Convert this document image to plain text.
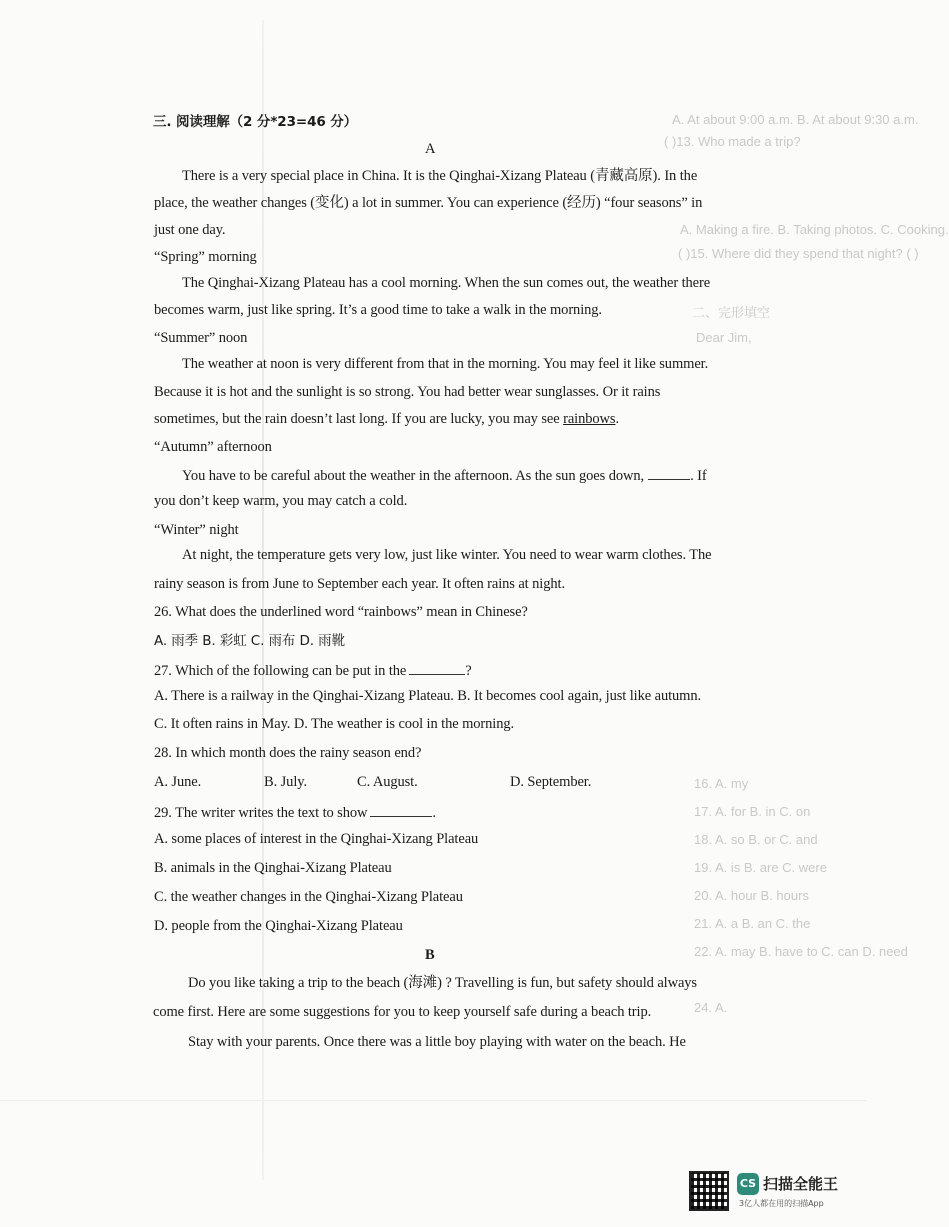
A. At about 9:00 a.m. B. At about 9:30 a.m.
( )13. Who made a trip?
A. Making a fire. B. Taking photos. C. Cooking.
( )15. Where did they spend that night? ( )
二、完形填空
Dear Jim,
16. A. my
17. A. for B. in C. on
18. A. so B. or C. and
19. A. is B. are C. were
20. A. hour B. hours
21. A. a B. an C. the
22. A. may B. have to C. can D. need
24. A.
三. 阅读理解（2 分*23=46 分）
A
There is a very special place in China. It is the Qinghai-Xizang Plateau (青藏高原). In the
place, the weather changes (变化) a lot in summer. You can experience (经历) “four seasons” in
just one day.
“Spring” morning
The Qinghai-Xizang Plateau has a cool morning. When the sun comes out, the weather there
becomes warm, just like spring. It’s a good time to take a walk in the morning.
“Summer” noon
The weather at noon is very different from that in the morning. You may feel it like summer.
Because it is hot and the sunlight is so strong. You had better wear sunglasses. Or it rains
sometimes, but the rain doesn’t last long. If you are lucky, you may see rainbows.
“Autumn” afternoon
You have to be careful about the weather in the afternoon. As the sun goes down,	. If
you don’t keep warm, you may catch a cold.
“Winter” night
At night, the temperature gets very low, just like winter. You need to wear warm clothes. The
rainy season is from June to September each year. It often rains at night.
26. What does the underlined word “rainbows” mean in Chinese?
A. 雨季 B. 彩虹 C. 雨布 D. 雨靴
27. Which of the following can be put in the	?
A. There is a railway in the Qinghai-Xizang Plateau. B. It becomes cool again, just like autumn.
C. It often rains in May. D. The weather is cool in the morning.
28. In which month does the rainy season end?
A. June.	B. July.	C. August.	D. September.
29. The writer writes the text to show	.
A. some places of interest in the Qinghai-Xizang Plateau
B. animals in the Qinghai-Xizang Plateau
C. the weather changes in the Qinghai-Xizang Plateau
D. people from the Qinghai-Xizang Plateau
B
Do you like taking a trip to the beach (海滩) ? Travelling is fun, but safety should always
come first. Here are some suggestions for you to keep yourself safe during a beach trip.
Stay with your parents. Once there was a little boy playing with water on the beach. He
CS 扫描全能王
3亿人都在用的扫描App
